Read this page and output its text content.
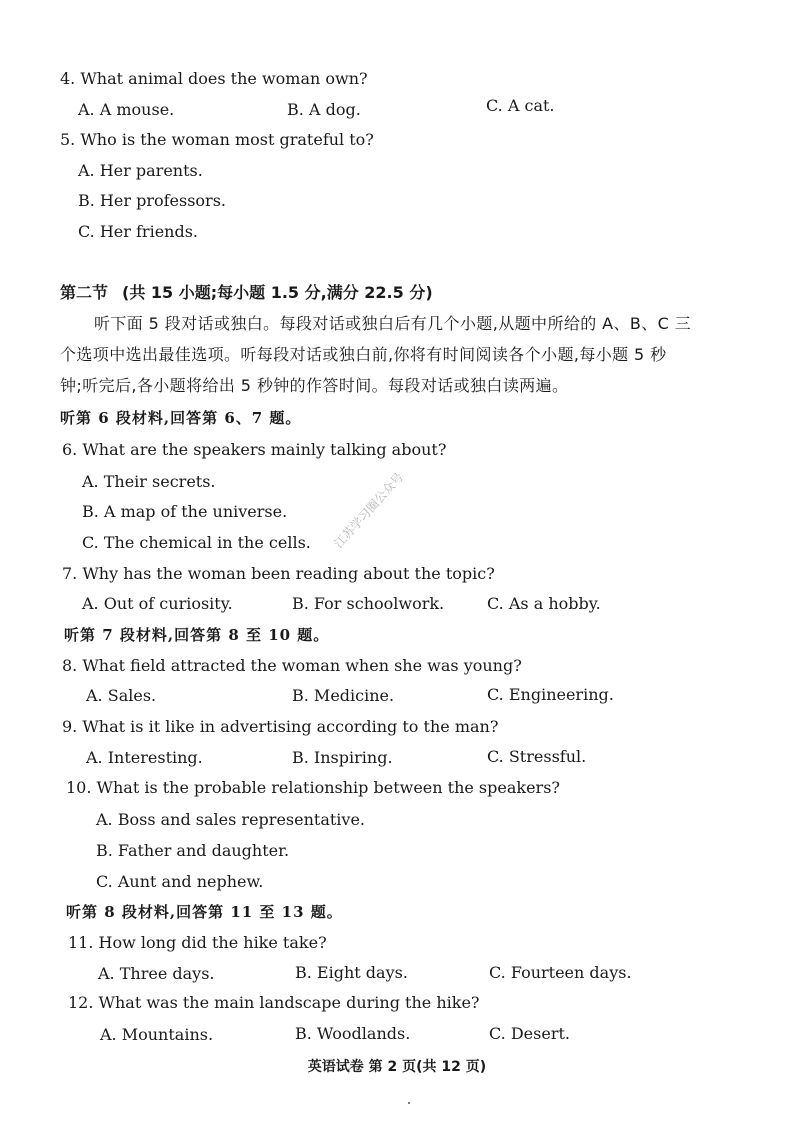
4. What animal does the woman own?
A. A mouse.	B. A dog.	C. A cat.
5. Who is the woman most grateful to?
A. Her parents.
B. Her professors.
C. Her friends.
第二节 (共 15 小题;每小题 1.5 分,满分 22.5 分)
听下面 5 段对话或独白。每段对话或独白后有几个小题,从题中所给的 A、B、C 三
个选项中选出最佳选项。听每段对话或独白前,你将有时间阅读各个小题,每小题 5 秒
钟;听完后,各小题将给出 5 秒钟的作答时间。每段对话或独白读两遍。
听第 6 段材料,回答第 6、7 题。
6. What are the speakers mainly talking about?
A. Their secrets.
B. A map of the universe.
C. The chemical in the cells.
7. Why has the woman been reading about the topic?
A. Out of curiosity.	B. For schoolwork.	C. As a hobby.
听第 7 段材料,回答第 8 至 10 题。
8. What field attracted the woman when she was young?
A. Sales.	B. Medicine.	C. Engineering.
9. What is it like in advertising according to the man?
A. Interesting.	B. Inspiring.	C. Stressful.
10. What is the probable relationship between the speakers?
A. Boss and sales representative.
B. Father and daughter.
C. Aunt and nephew.
听第 8 段材料,回答第 11 至 13 题。
11. How long did the hike take?
A. Three days.	B. Eight days.	C. Fourteen days.
12. What was the main landscape during the hike?
A. Mountains.	B. Woodlands.	C. Desert.
英语试卷 第 2 页(共 12 页)
江苏学习圈公众号
